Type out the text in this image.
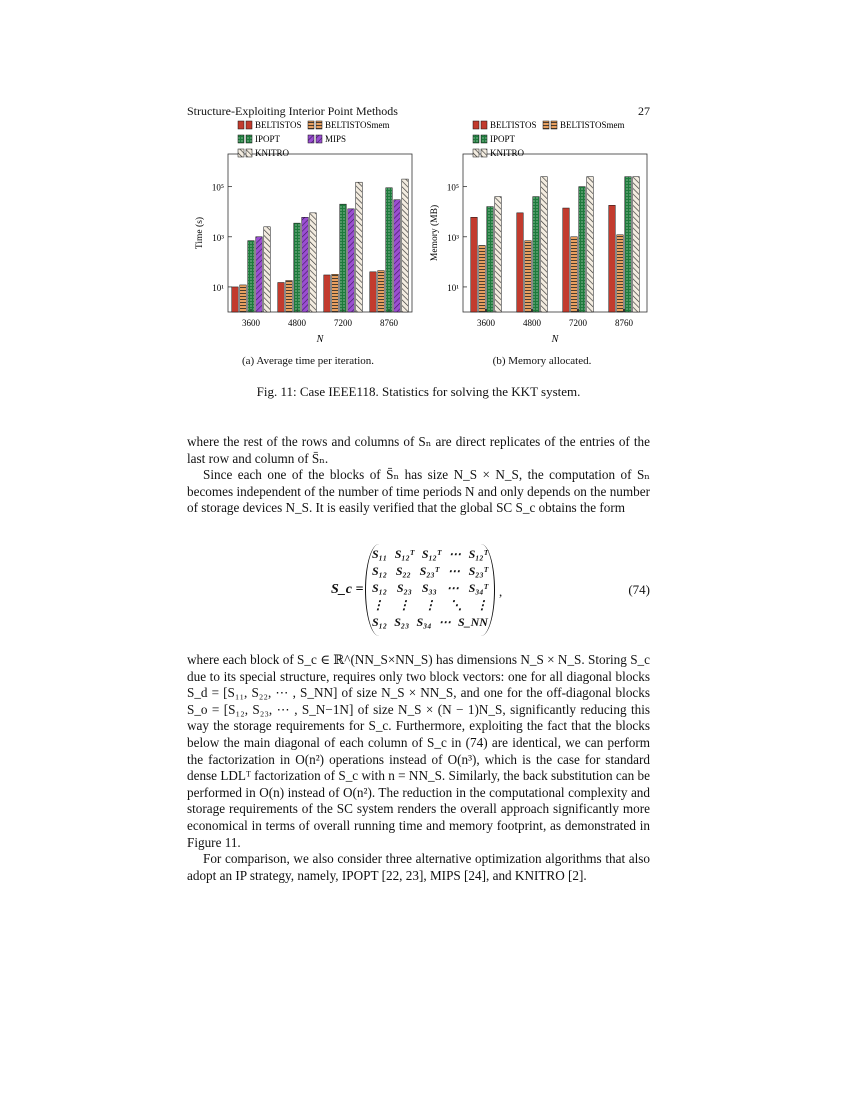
Structure-Exploiting Interior Point Methods	27
10¹
10³
10⁵
Time (s)
3600	4800	7200	8760
N
BELTISTOS	BELTISTOSmem
IPOPT	MIPS
KNITRO
10¹
10³
10⁵
Memory (MB)
3600	4800	7200	8760
N
BELTISTOS	BELTISTOSmem
IPOPT
KNITRO
(a) Average time per iteration.	(b) Memory allocated.
Fig. 11: Case IEEE118. Statistics for solving the KKT system.
where the rest of the rows and columns of Sₙ are direct replicates of the entries of the last row and column of S̄ₙ.
Since each one of the blocks of S̄ₙ has size N_S × N_S, the computation of Sₙ becomes independent of the number of time periods N and only depends on the number of storage devices N_S. It is easily verified that the global SC S_c obtains the form
S_c =
S₁₁ S₁₂ᵀ S₁₂ᵀ ⋯ S₁₂ᵀ
S₁₂ S₂₂ S₂₃ᵀ ⋯ S₂₃ᵀ
S₁₂ S₂₃ S₃₃ ⋯ S₃₄ᵀ
⋮ ⋮ ⋮ ⋱ ⋮
S₁₂ S₂₃ S₃₄ ⋯ S_NN
,	(74)
where each block of S_c ∈ ℝ^(NN_S×NN_S) has dimensions N_S × N_S. Storing S_c due to its special structure, requires only two block vectors: one for all diagonal blocks S_d = [S₁₁, S₂₂, ⋯ , S_NN] of size N_S × NN_S, and one for the off-diagonal blocks S_o = [S₁₂, S₂₃, ⋯ , S_N−1N] of size N_S × (N − 1)N_S, significantly reducing this way the storage requirements for S_c. Furthermore, exploiting the fact that the blocks below the main diagonal of each column of S_c in (74) are identical, we can perform the factorization in O(n²) operations instead of O(n³), which is the case for standard dense LDLᵀ factorization of S_c with n = NN_S. Similarly, the back substitution can be performed in O(n) instead of O(n²). The reduction in the computational complexity and storage requirements of the SC system renders the overall approach significantly more economical in terms of overall running time and memory footprint, as demonstrated in Figure 11.
For comparison, we also consider three alternative optimization algorithms that also adopt an IP strategy, namely, IPOPT [22, 23], MIPS [24], and KNITRO [2].
